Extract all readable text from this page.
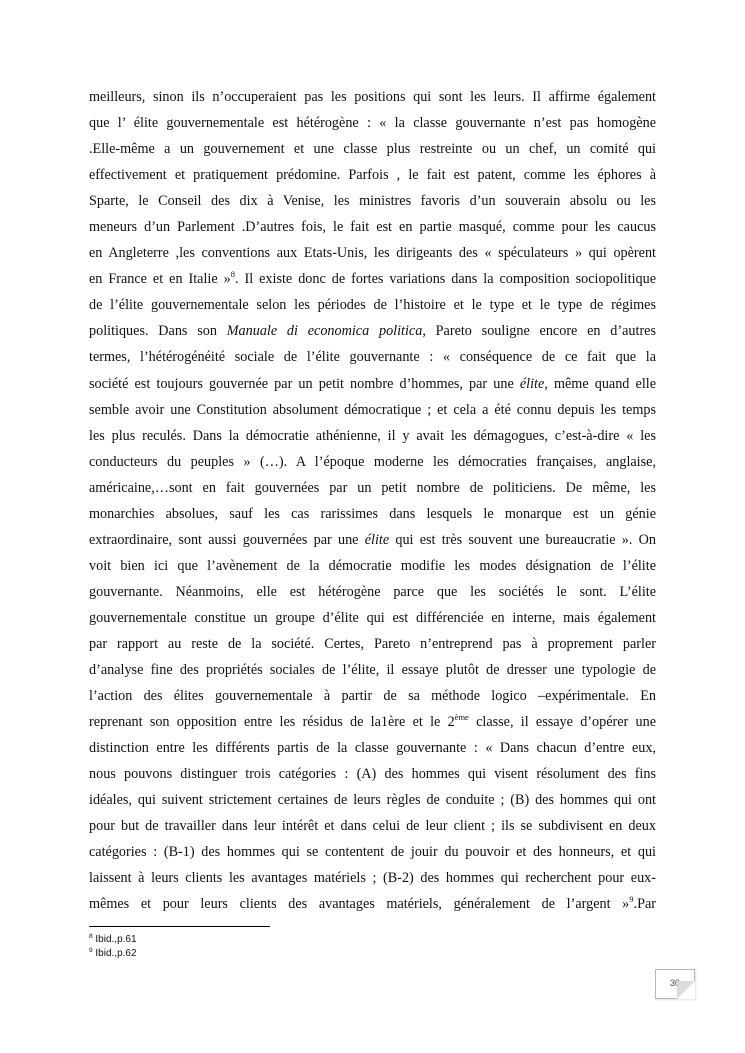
meilleurs, sinon ils n’occuperaient pas les positions qui sont les leurs. Il affirme également
que l’ élite gouvernementale est hétérogène : « la classe gouvernante n’est pas homogène
.Elle-même a un gouvernement et une classe plus restreinte ou un chef, un comité qui
effectivement et pratiquement prédomine. Parfois , le fait est patent, comme les éphores à
Sparte, le Conseil des dix à Venise, les ministres favoris d’un souverain absolu ou les
meneurs d’un Parlement .D’autres fois, le fait est en partie masqué, comme pour les caucus
en Angleterre ,les conventions aux Etats-Unis, les dirigeants des « spéculateurs » qui opèrent
en France et en Italie »$^8$. Il existe donc de fortes variations dans la composition sociopolitique
de l’élite gouvernementale selon les périodes de l’histoire et le type et le type de régimes
politiques. Dans son Manuale di economica politica, Pareto souligne encore en d’autres
termes, l’hétérogénéité sociale de l’élite gouvernante : « conséquence de ce fait que la
société est toujours gouvernée par un petit nombre d’hommes, par une élite, même quand elle
semble avoir une Constitution absolument démocratique ; et cela a été connu depuis les temps
les plus reculés. Dans la démocratie athénienne, il y avait les démagogues, c’est-à-dire « les
conducteurs du peuples » (…). A l’époque moderne les démocraties françaises, anglaise,
américaine,…sont en fait gouvernées par un petit nombre de politiciens. De même, les
monarchies absolues, sauf les cas rarissimes dans lesquels le monarque est un génie
extraordinaire, sont aussi gouvernées par une élite qui est très souvent une bureaucratie ». On
voit bien ici que l’avènement de la démocratie modifie les modes désignation de l’élite
gouvernante. Néanmoins, elle est hétérogène parce que les sociétés le sont. L’élite
gouvernementale constitue un groupe d’élite qui est différenciée en interne, mais également
par rapport au reste de la société. Certes, Pareto n’entreprend pas à proprement parler
d’analyse fine des propriétés sociales de l’élite, il essaye plutôt de dresser une typologie de
l’action des élites gouvernementale à partir de sa méthode logico –expérimentale. En
reprenant son opposition entre les résidus de la1ère et le 2ème classe, il essaye d’opérer une
distinction entre les différents partis de la classe gouvernante : « Dans chacun d’entre eux,
nous pouvons distinguer trois catégories : (A) des hommes qui visent résolument des fins
idéales, qui suivent strictement certaines de leurs règles de conduite ; (B) des hommes qui ont
pour but de travailler dans leur intérêt et dans celui de leur client ; ils se subdivisent en deux
catégories : (B-1) des hommes qui se contentent de jouir du pouvoir et des honneurs, et qui
laissent à leurs clients les avantages matériels ; (B-2) des hommes qui recherchent pour eux-
mêmes et pour leurs clients des avantages matériels, généralement de l’argent »$^9$.Par
$^8$ Ibid.,p.61
$^9$ Ibid.,p.62
30
